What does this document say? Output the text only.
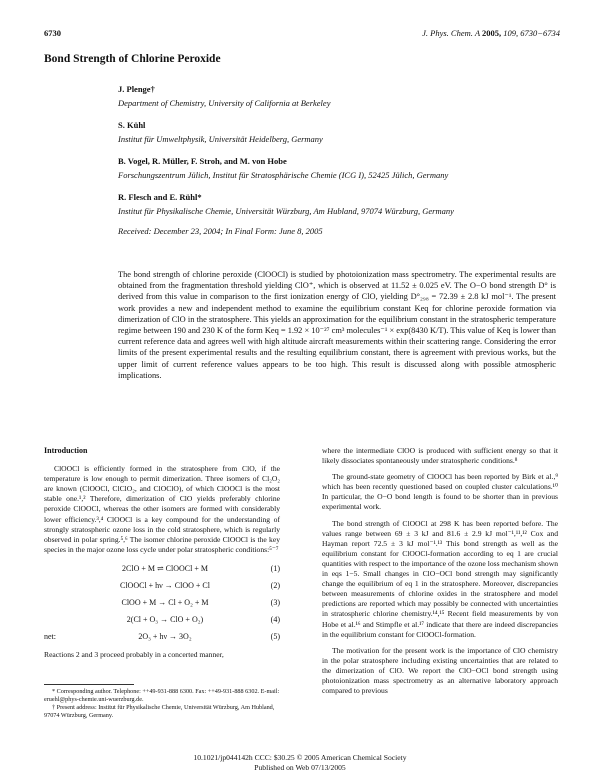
6730	J. Phys. Chem. A 2005, 109, 6730−6734
Bond Strength of Chlorine Peroxide
J. Plenge†
Department of Chemistry, University of California at Berkeley
S. Kühl
Institut für Umweltphysik, Universität Heidelberg, Germany
B. Vogel, R. Müller, F. Stroh, and M. von Hobe
Forschungszentrum Jülich, Institut für Stratosphärische Chemie (ICG I), 52425 Jülich, Germany
R. Flesch and E. Rühl*
Institut für Physikalische Chemie, Universität Würzburg, Am Hubland, 97074 Würzburg, Germany
Received: December 23, 2004; In Final Form: June 8, 2005
The bond strength of chlorine peroxide (ClOOCl) is studied by photoionization mass spectrometry. The experimental results are obtained from the fragmentation threshold yielding ClO⁺, which is observed at 11.52 ± 0.025 eV. The O−O bond strength D° is derived from this value in comparison to the first ionization energy of ClO, yielding D°₂₉₈ = 72.39 ± 2.8 kJ mol⁻¹. The present work provides a new and independent method to examine the equilibrium constant Keq for chlorine peroxide formation via dimerization of ClO in the stratosphere. This yields an approximation for the equilibrium constant in the stratospheric temperature regime between 190 and 230 K of the form Keq = 1.92 × 10⁻²⁷ cm³ molecules⁻¹ × exp(8430 K/T). This value of Keq is lower than current reference data and agrees well with high altitude aircraft measurements within their scattering range. Considering the error limits of the present experimental results and the resulting equilibrium constant, there is agreement with previous works, but the upper limit of current reference values appears to be too high. This result is discussed along with possible atmospheric implications.
Introduction

ClOOCl is efficiently formed in the stratosphere from ClO, if the temperature is low enough to permit dimerization. Three isomers of Cl₂O₂ are known (ClOOCl, ClClO₂, and ClOClO), of which ClOOCl is the most stable one.¹,² Therefore, dimerization of ClO yields preferably chlorine peroxide ClOOCl, whereas the other isomers are formed with considerably lower efficiency.³,⁴ ClOOCl is a key compound for the understanding of strongly stratospheric ozone loss in the cold stratosphere, which is regularly observed in polar spring.⁵,⁶ The isomer chlorine peroxide ClOOCl is the key species in the major ozone loss cycle under polar stratospheric conditions:⁵⁻⁷

2ClO + M ⇌ ClOOCl + M	(1)
ClOOCl + hν → ClOO + Cl	(2)
ClOO + M → Cl + O₂ + M	(3)
2(Cl + O₃ → ClO + O₂)	(4)
net:	2O₃ + hν → 3O₂	(5)

Reactions 2 and 3 proceed probably in a concerted manner,

where the intermediate ClOO is produced with sufficient energy so that it likely dissociates spontaneously under stratospheric conditions.⁸

The ground-state geometry of ClOOCl has been reported by Birk et al.,⁹ which has been recently questioned based on coupled cluster calculations.¹⁰ In particular, the O−O bond length is found to be shorter than in previous experimental work.

The bond strength of ClOOCl at 298 K has been reported before. The values range between 69 ± 3 kJ and 81.6 ± 2.9 kJ mol⁻¹,¹¹,¹² Cox and Hayman report 72.5 ± 3 kJ mol⁻¹.¹³ This bond strength as well as the equilibrium constant for ClOOCl-formation according to eq 1 are crucial quantities with respect to the importance of the ozone loss mechanism shown in eqs 1−5. Small changes in ClO−OCl bond strength may significantly change the equilibrium of eq 1 in the stratosphere. Moreover, discrepancies between measurements of chlorine oxides in the stratosphere and model predictions are reported which may possibly be connected with uncertainties in stratospheric chlorine chemistry.¹⁴,¹⁵ Recent field measurements by von Hobe et al.¹⁶ and Stimpfle et al.¹⁷ indicate that there are indeed discrepancies in the equilibrium constant for ClOOCl-formation.

The motivation for the present work is the importance of ClO chemistry in the polar stratosphere including existing uncertainties that are related to the dimerization of ClO. We report the ClO−OCl bond strength using photoionization mass spectrometry as an alternative laboratory approach compared to previous

* Corresponding author. Telephone: ++49-931-888 6300. Fax: ++49-931-888 6302. E-mail: eruehl@phys-chemie.uni-wuerzburg.de.

† Present address: Institut für Physikalische Chemie, Universität Würzburg, Am Hubland, 97074 Würzburg, Germany.

10.1021/jp044142h CCC: $30.25 © 2005 American Chemical Society
Published on Web 07/13/2005
